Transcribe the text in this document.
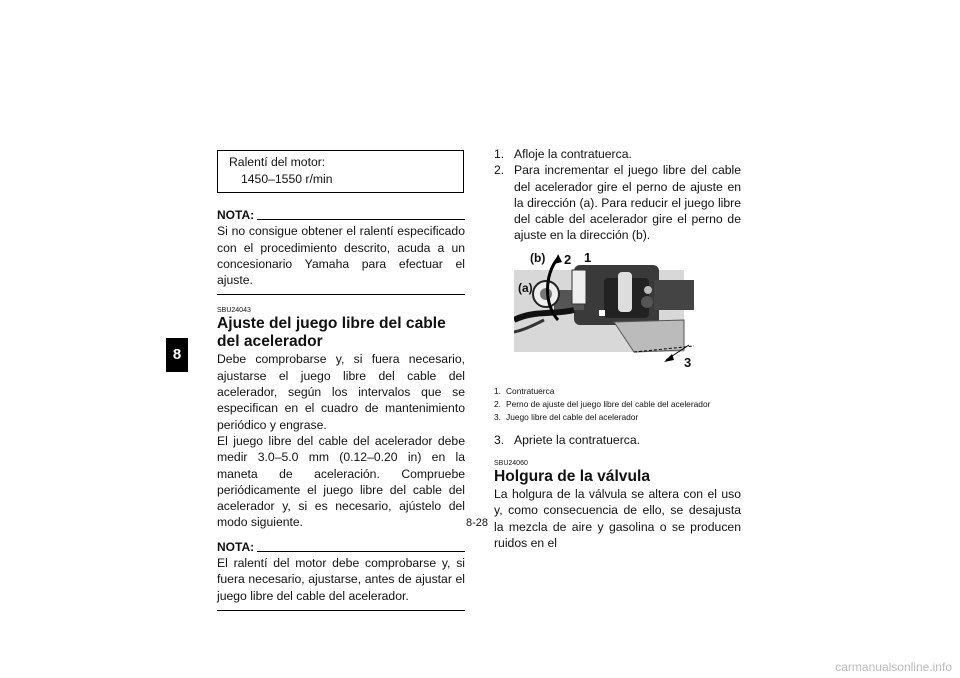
8
Ralentí del motor:
1450–1550 r/min
NOTA:
Si no consigue obtener el ralentí especificado con el procedimiento descrito, acuda a un concesionario Yamaha para efectuar el ajuste.
SBU24043
Ajuste del juego libre del cable del acelerador
Debe comprobarse y, si fuera necesario, ajustarse el juego libre del cable del acelerador, según los intervalos que se especifican en el cuadro de mantenimiento periódico y engrase.
El juego libre del cable del acelerador debe medir 3.0–5.0 mm (0.12–0.20 in) en la maneta de aceleración. Compruebe periódicamente el juego libre del cable del acelerador y, si es necesario, ajústelo del modo siguiente.
NOTA:
El ralentí del motor debe comprobarse y, si fuera necesario, ajustarse, antes de ajustar el juego libre del cable del acelerador.
1. Afloje la contratuerca.
2. Para incrementar el juego libre del cable del acelerador gire el perno de ajuste en la dirección (a). Para reducir el juego libre del cable del acelerador gire el perno de ajuste en la dirección (b).
(b) 2 1
(a)
3
1. Contratuerca
2. Perno de ajuste del juego libre del cable del acelerador
3. Juego libre del cable del acelerador
3. Apriete la contratuerca.
SBU24060
Holgura de la válvula
La holgura de la válvula se altera con el uso y, como consecuencia de ello, se desajusta la mezcla de aire y gasolina o se producen ruidos en el
8-28
carmanualsonline.info
